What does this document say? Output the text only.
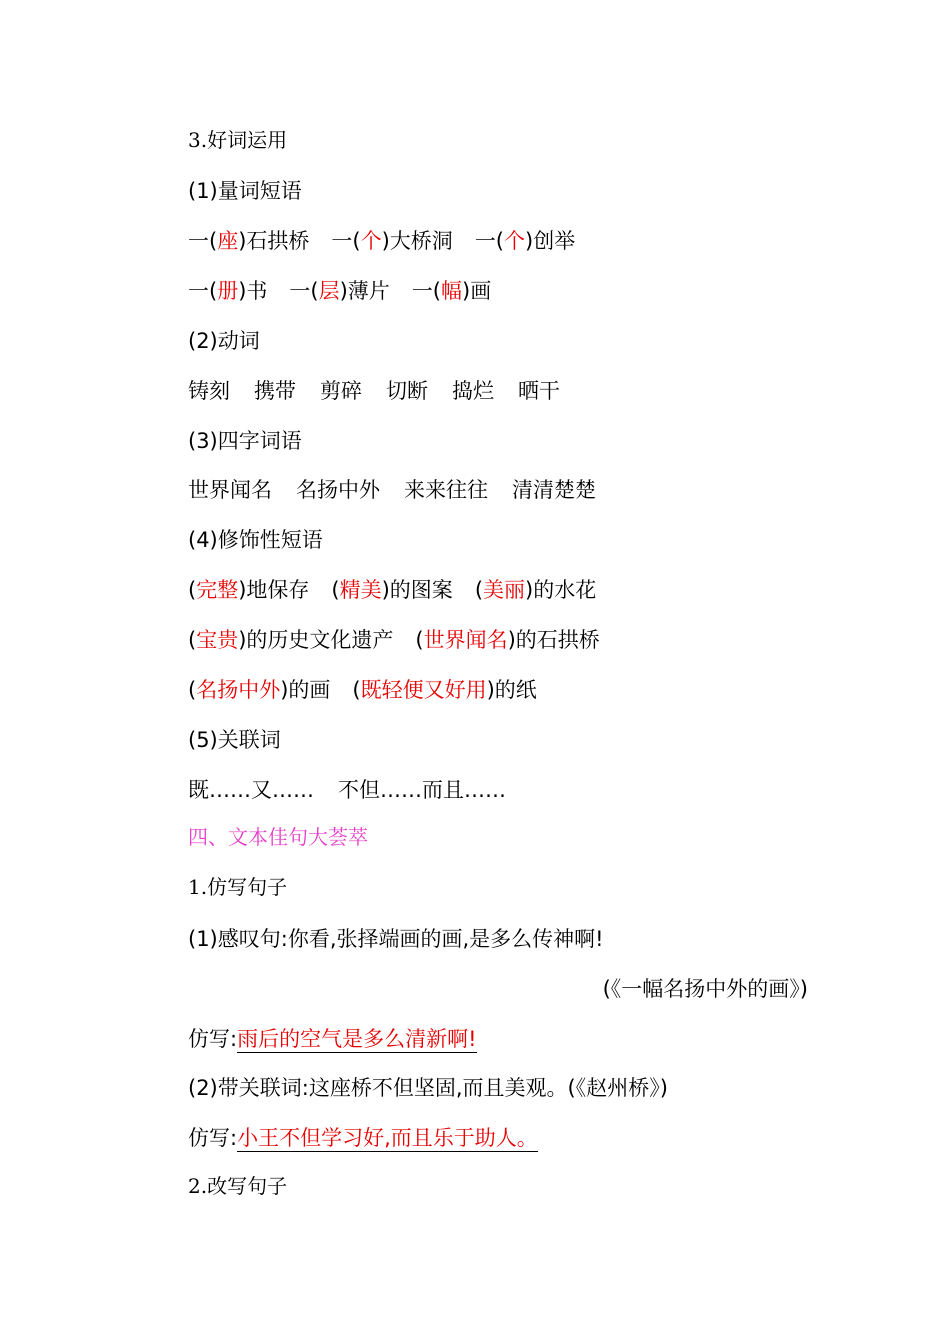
3.好词运用
(1)量词短语
一(座)石拱桥 一(个)大桥洞 一(个)创举
一(册)书 一(层)薄片 一(幅)画
(2)动词
铸刻 携带 剪碎 切断 捣烂 晒干
(3)四字词语
世界闻名 名扬中外 来来往往 清清楚楚
(4)修饰性短语
(完整)地保存 (精美)的图案 (美丽)的水花
(宝贵)的历史文化遗产 (世界闻名)的石拱桥
(名扬中外)的画 (既轻便又好用)的纸
(5)关联词
既……又…… 不但……而且……
四、文本佳句大荟萃
1.仿写句子
(1)感叹句:你看,张择端画的画,是多么传神啊!
(《一幅名扬中外的画》)
仿写:雨后的空气是多么清新啊!
(2)带关联词:这座桥不但坚固,而且美观。(《赵州桥》)
仿写:小王不但学习好,而且乐于助人。
2.改写句子
